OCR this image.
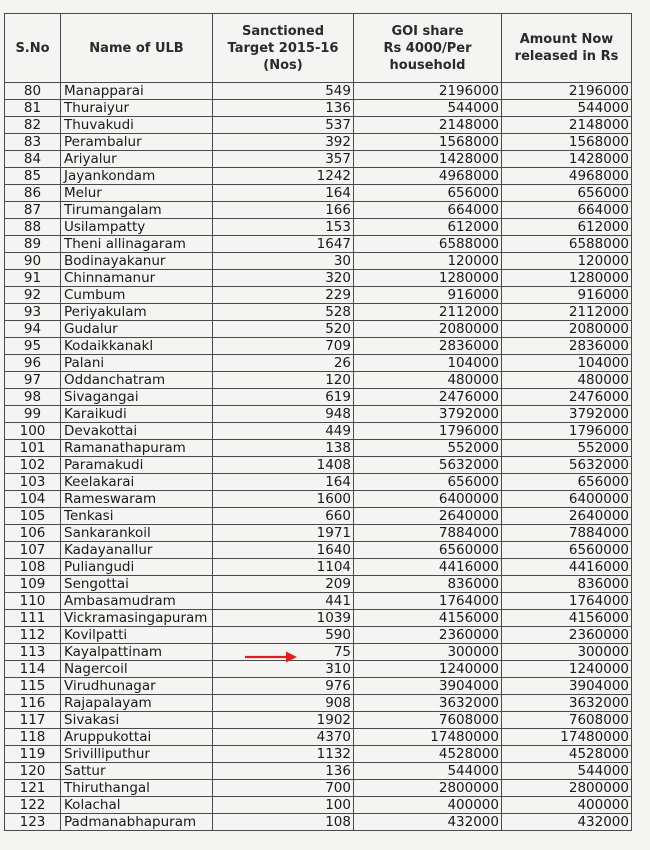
S.No	Name of ULB	Sanctioned
Target 2015-16
(Nos)	GOI share
Rs 4000/Per
household	Amount Now
released in Rs
80	Manapparai	549	2196000	2196000
81	Thuraiyur	136	544000	544000
82	Thuvakudi	537	2148000	2148000
83	Perambalur	392	1568000	1568000
84	Ariyalur	357	1428000	1428000
85	Jayankondam	1242	4968000	4968000
86	Melur	164	656000	656000
87	Tirumangalam	166	664000	664000
88	Usilampatty	153	612000	612000
89	Theni allinagaram	1647	6588000	6588000
90	Bodinayakanur	30	120000	120000
91	Chinnamanur	320	1280000	1280000
92	Cumbum	229	916000	916000
93	Periyakulam	528	2112000	2112000
94	Gudalur	520	2080000	2080000
95	Kodaikkanakl	709	2836000	2836000
96	Palani	26	104000	104000
97	Oddanchatram	120	480000	480000
98	Sivagangai	619	2476000	2476000
99	Karaikudi	948	3792000	3792000
100	Devakottai	449	1796000	1796000
101	Ramanathapuram	138	552000	552000
102	Paramakudi	1408	5632000	5632000
103	Keelakarai	164	656000	656000
104	Rameswaram	1600	6400000	6400000
105	Tenkasi	660	2640000	2640000
106	Sankarankoil	1971	7884000	7884000
107	Kadayanallur	1640	6560000	6560000
108	Puliangudi	1104	4416000	4416000
109	Sengottai	209	836000	836000
110	Ambasamudram	441	1764000	1764000
111	Vickramasingapuram	1039	4156000	4156000
112	Kovilpatti	590	2360000	2360000
113	Kayalpattinam	75	300000	300000
114	Nagercoil	310	1240000	1240000
115	Virudhunagar	976	3904000	3904000
116	Rajapalayam	908	3632000	3632000
117	Sivakasi	1902	7608000	7608000
118	Aruppukottai	4370	17480000	17480000
119	Srivilliputhur	1132	4528000	4528000
120	Sattur	136	544000	544000
121	Thiruthangal	700	2800000	2800000
122	Kolachal	100	400000	400000
123	Padmanabhapuram	108	432000	432000
